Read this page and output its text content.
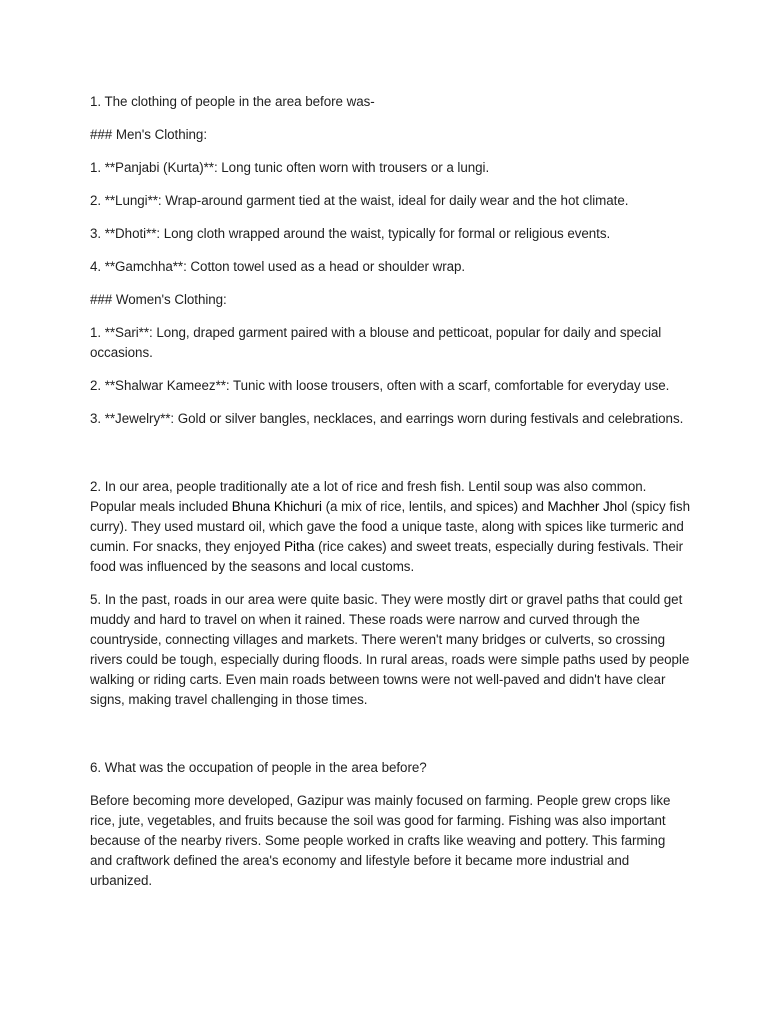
1. The clothing of people in the area before was-

### Men's Clothing:

1. **Panjabi (Kurta)**: Long tunic often worn with trousers or a lungi.

2. **Lungi**: Wrap-around garment tied at the waist, ideal for daily wear and the hot climate.

3. **Dhoti**: Long cloth wrapped around the waist, typically for formal or religious events.

4. **Gamchha**: Cotton towel used as a head or shoulder wrap.

### Women's Clothing:

1. **Sari**: Long, draped garment paired with a blouse and petticoat, popular for daily and special occasions.

2. **Shalwar Kameez**: Tunic with loose trousers, often with a scarf, comfortable for everyday use.

3. **Jewelry**: Gold or silver bangles, necklaces, and earrings worn during festivals and celebrations.

2. In our area, people traditionally ate a lot of rice and fresh fish. Lentil soup was also common. Popular meals included Bhuna Khichuri (a mix of rice, lentils, and spices) and Machher Jhol (spicy fish curry). They used mustard oil, which gave the food a unique taste, along with spices like turmeric and cumin. For snacks, they enjoyed Pitha (rice cakes) and sweet treats, especially during festivals. Their food was influenced by the seasons and local customs.

5. In the past, roads in our area were quite basic. They were mostly dirt or gravel paths that could get muddy and hard to travel on when it rained. These roads were narrow and curved through the countryside, connecting villages and markets. There weren't many bridges or culverts, so crossing rivers could be tough, especially during floods. In rural areas, roads were simple paths used by people walking or riding carts. Even main roads between towns were not well-paved and didn't have clear signs, making travel challenging in those times.

6. What was the occupation of people in the area before?

Before becoming more developed, Gazipur was mainly focused on farming. People grew crops like rice, jute, vegetables, and fruits because the soil was good for farming. Fishing was also important because of the nearby rivers. Some people worked in crafts like weaving and pottery. This farming and craftwork defined the area's economy and lifestyle before it became more industrial and urbanized.
